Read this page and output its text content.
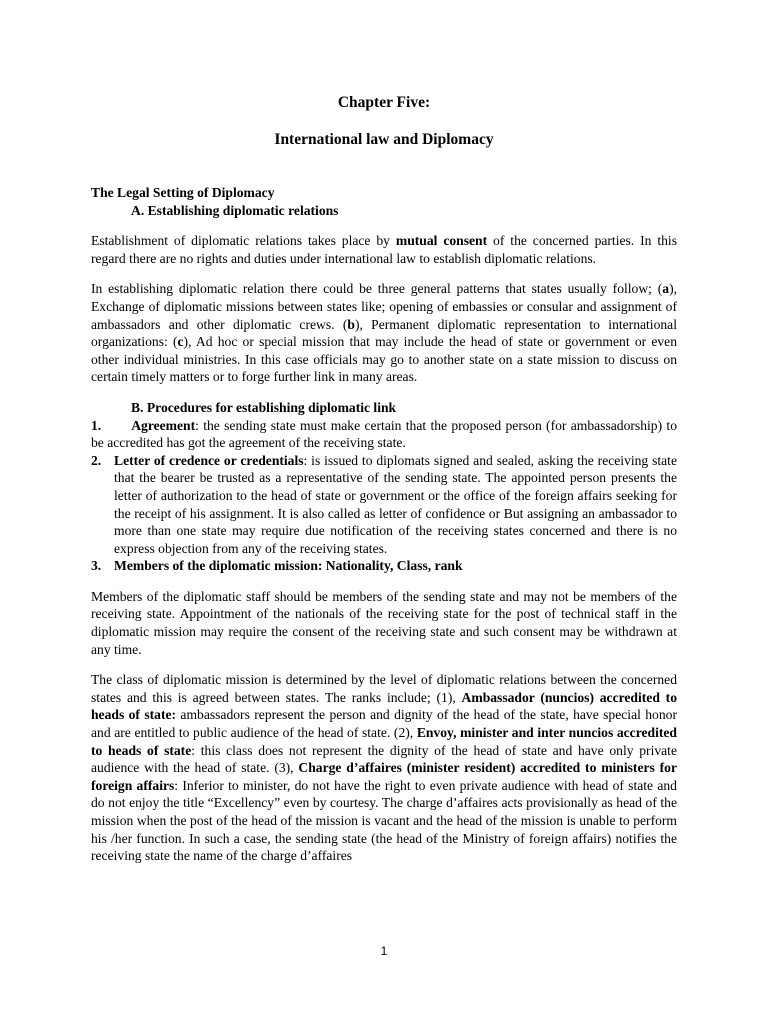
Chapter Five:
International law and Diplomacy
The Legal Setting of Diplomacy
A. Establishing diplomatic relations

Establishment of diplomatic relations takes place by mutual consent of the concerned parties. In this regard there are no rights and duties under international law to establish diplomatic relations.

In establishing diplomatic relation there could be three general patterns that states usually follow; (a), Exchange of diplomatic missions between states like; opening of embassies or consular and assignment of ambassadors and other diplomatic crews. (b), Permanent diplomatic representation to international organizations: (c), Ad hoc or special mission that may include the head of state or government or even other individual ministries. In this case officials may go to another state on a state mission to discuss on certain timely matters or to forge further link in many areas.

B. Procedures for establishing diplomatic link

1. Agreement: the sending state must make certain that the proposed person (for ambassadorship) to be accredited has got the agreement of the receiving state.

2. Letter of credence or credentials: is issued to diplomats signed and sealed, asking the receiving state that the bearer be trusted as a representative of the sending state. The appointed person presents the letter of authorization to the head of state or government or the office of the foreign affairs seeking for the receipt of his assignment. It is also called as letter of confidence or But assigning an ambassador to more than one state may require due notification of the receiving states concerned and there is no express objection from any of the receiving states.
3. Members of the diplomatic mission: Nationality, Class, rank

Members of the diplomatic staff should be members of the sending state and may not be members of the receiving state. Appointment of the nationals of the receiving state for the post of technical staff in the diplomatic mission may require the consent of the receiving state and such consent may be withdrawn at any time.

The class of diplomatic mission is determined by the level of diplomatic relations between the concerned states and this is agreed between states. The ranks include; (1), Ambassador (nuncios) accredited to heads of state: ambassadors represent the person and dignity of the head of the state, have special honor and are entitled to public audience of the head of state. (2), Envoy, minister and inter nuncios accredited to heads of state: this class does not represent the dignity of the head of state and have only private audience with the head of state. (3), Charge d’affaires (minister resident) accredited to ministers for foreign affairs: Inferior to minister, do not have the right to even private audience with head of state and do not enjoy the title “Excellency” even by courtesy. The charge d’affaires acts provisionally as head of the mission when the post of the head of the mission is vacant and the head of the mission is unable to perform his /her function. In such a case, the sending state (the head of the Ministry of foreign affairs) notifies the receiving state the name of the charge d’affaires

1
